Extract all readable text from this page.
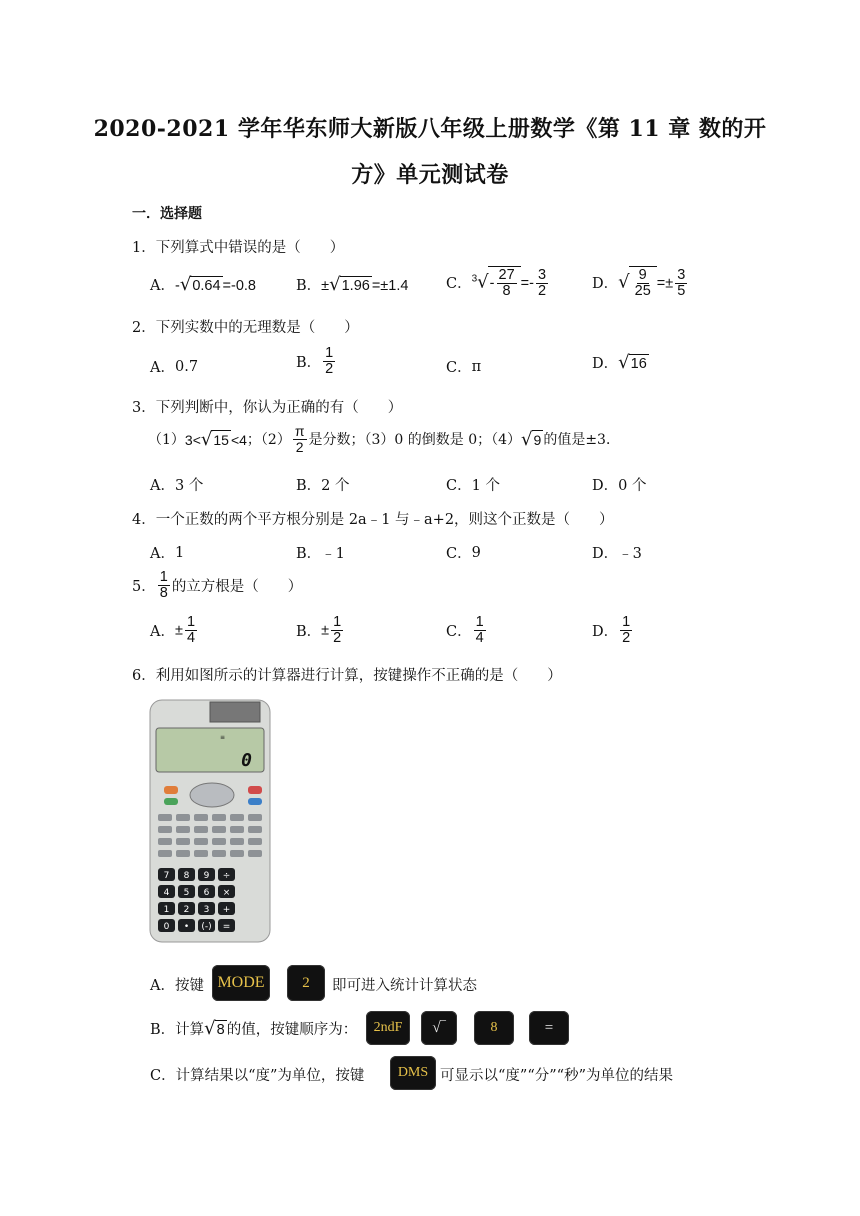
2020-2021 学年华东师大新版八年级上册数学《第 11 章 数的开
方》单元测试卷
一．选择题
1．下列算式中错误的是（　　）
A． -√0.64 =-0.8	B． ±√1.96 =±1.4	C． $^3√- \frac{27}{8} =- \frac{3}{2}$	D． √ $\frac{9}{25} =\pm \frac{3}{5}$
2．下列实数中的无理数是（　　）
A． 0.7	B． $\frac{1}{2}$	C． π	D． √16
3．下列判断中，你认为正确的有（　　）
（1） 3<√15 <4 ；$(2) \frac{\pi}{2}$ 是分数；（3）0 的倒数是 0；（4） √9 的值是±3．
A． 3 个	B． 2 个	C． 1 个	D． 0 个
4．一个正数的两个平方根分别是 2a﹣1 与﹣a+2，则这个正数是（　　）
A． 1	B． ﹣1	C． 9	D． ﹣3
5． $\frac{1}{8}$ 的立方根是（　　）
A． ± $\frac{1}{4}$	B． ± $\frac{1}{2}$	C． $\frac{1}{4}$	D． $\frac{1}{2}$
6．利用如图所示的计算器进行计算，按键操作不正确的是（　　）
≡
0
7 8 9 ÷
4 5 6 ×
1 2 3 +
0 • (-) =
A．按键 MODE	2	即可进入统计计算状态
B．计算 √8 的值，按键顺序为：	2ndF	√‾	8	=
C．计算结果以“度”为单位，按键	DMS 可显示以“度”“分”“秒”为单位的结果
